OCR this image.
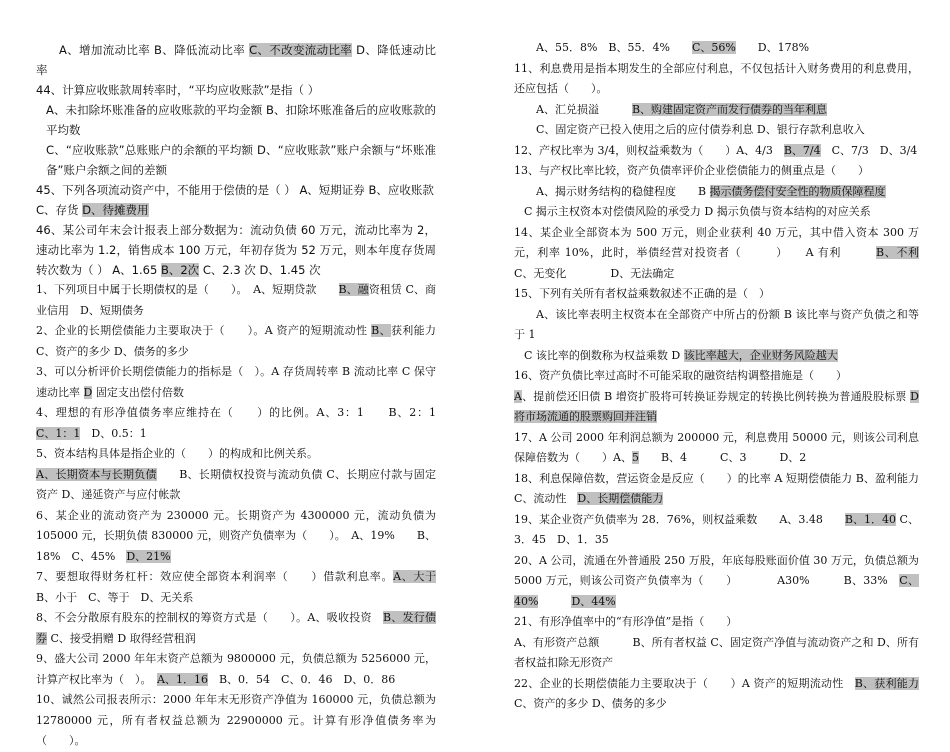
A、增加流动比率 B、降低流动比率 C、不改变流动比率 D、降低速动比率

44、计算应收账款周转率时，“平均应收账款”是指（ ）

A、未扣除坏账准备的应收账款的平均金额 B、扣除坏账准备后的应收账款的平均数

C、“应收账款”总账账户的余额的平均额 D、“应收账款”账户余额与“坏账准备”账户余额之间的差额

45、下列各项流动资产中，不能用于偿债的是（ ） A、短期证券 B、应收账款

C、存货 D、待摊费用

46、某公司年末会计报表上部分数据为：流动负债 60 万元，流动比率为 2，速动比率为 1.2，销售成本 100 万元，年初存货为 52 万元，则本年度存货周转次数为（ ） A、1.65 B、2次 C、2.3 次 D、1.45 次

1、下列项目中属于长期债权的是（　　）。　A、短期贷款　　B、融资租赁 C、商业信用　D、短期债务

2、企业的长期偿债能力主要取决于（　　）。A 资产的短期流动性 B、获利能力 C、资产的多少 D、债务的多少

3、可以分析评价长期偿债能力的指标是（　）。A 存货周转率 B 流动比率 C 保守速动比率 D 固定支出偿付倍数

4、理想的有形净值债务率应维持在（　　）的比例。A、3：1　　B、2：1　C、1：1　D、0.5：1

5、资本结构具体是指企业的（　　）的构成和比例关系。

A、长期资本与长期负债　　B、长期债权投资与流动负债 C、长期应付款与固定资产 D、递延资产与应付帐款

6、某企业的流动资产为 230000 元。长期资产为 4300000 元，流动负债为 105000 元，长期负债 830000 元，则资产负债率为（　　）。　A、19%　　B、18%　C、45%　D、21%

7、要想取得财务杠杆：效应使全部资本利润率（　　）借款利息率。A、大于 B、小于　C、等于　D、无关系

8、不会分散原有股东的控制权的筹资方式是（　　）。A、吸收投资　B、发行债券 C、接受捐赠 D 取得经营租润

9、盛大公司 2000 年年末资产总额为 9800000 元，负债总额为 5256000 元，计算产权比率为（　）。　A、1．16　B、0．54　C、0．46　D、0．86

10、诚然公司报表所示：2000 年年末无形资产净值为 160000 元，负债总额为 12780000 元，所有者权益总额为 22900000 元。计算有形净值债务率为（　　）。

A、55．8%　B、55．4%　　C、56%　　D、178%

11、利息费用是指本期发生的全部应付利息，不仅包括计入财务费用的利息费用，还应包括（　　）。

A、汇兑损溢　　　B、购建固定资产而发行债券的当年利息

C、固定资产已投入使用之后的应付债券利息 D、银行存款利息收入

12、产权比率为 3/4，则权益乘数为（　　）A、4/3　B、7/4　C、7/3　D、3/4

13、与产权比率比较，资产负债率评价企业偿债能力的侧重点是（　　）

A、揭示财务结构的稳健程度　　B 揭示债务偿付安全性的物质保障程度

C 揭示主权资本对偿债风险的承受力 D 揭示负债与资本结构的对应关系

14、某企业全部资本为 500 万元，则企业获利 40 万元，其中借入资本 300 万元，利率 10%，此时，举债经营对投资者（　　　）　　A 有利　　　B、不利 C、无变化　　　　D、无法确定

15、下列有关所有者权益乘数叙述不正确的是（　）

A、该比率表明主权资本在全部资产中所占的份额 B 该比率与资产负债之和等于 1

C 该比率的倒数称为权益乘数 D 该比率越大，企业财务风险越大

16、资产负债比率过高时不可能采取的融资结构调整措施是（　　）

A、提前偿还旧债 B 增资扩股将可转换证券规定的转换比例转换为普通股股标票 D 将市场流通的股票购回并注销

17、A 公司 2000 年利润总额为 200000 元，利息费用 50000 元，则该公司利息保障倍数为（　　）A、5　　B、4　　　C、3　　　D、2

18、利息保障倍数，营运资金是反应（　　）的比率 A 短期偿债能力 B、盈利能力 C、流动性　D、长期偿债能力

19、某企业资产负债率为 28．76%，则权益乘数　　A、3.48　　B、1．40 C、3．45　D、1．35

20、A 公司，流通在外普通股 250 万股，年底每股账面价值 30 万元，负债总额为 5000 万元，则该公司资产负债率为（　　）　　　　A30%　　　B、33%　C、40%　　　	D、44%

21、有形净值率中的“有形净值”是指（　　）

A、有形资产总额　　　B、所有者权益 C、固定资产净值与流动资产之和 D、所有者权益扣除无形资产

22、企业的长期偿债能力主要取决于（　　）A 资产的短期流动性　B、获利能力 C、资产的多少 D、债务的多少
